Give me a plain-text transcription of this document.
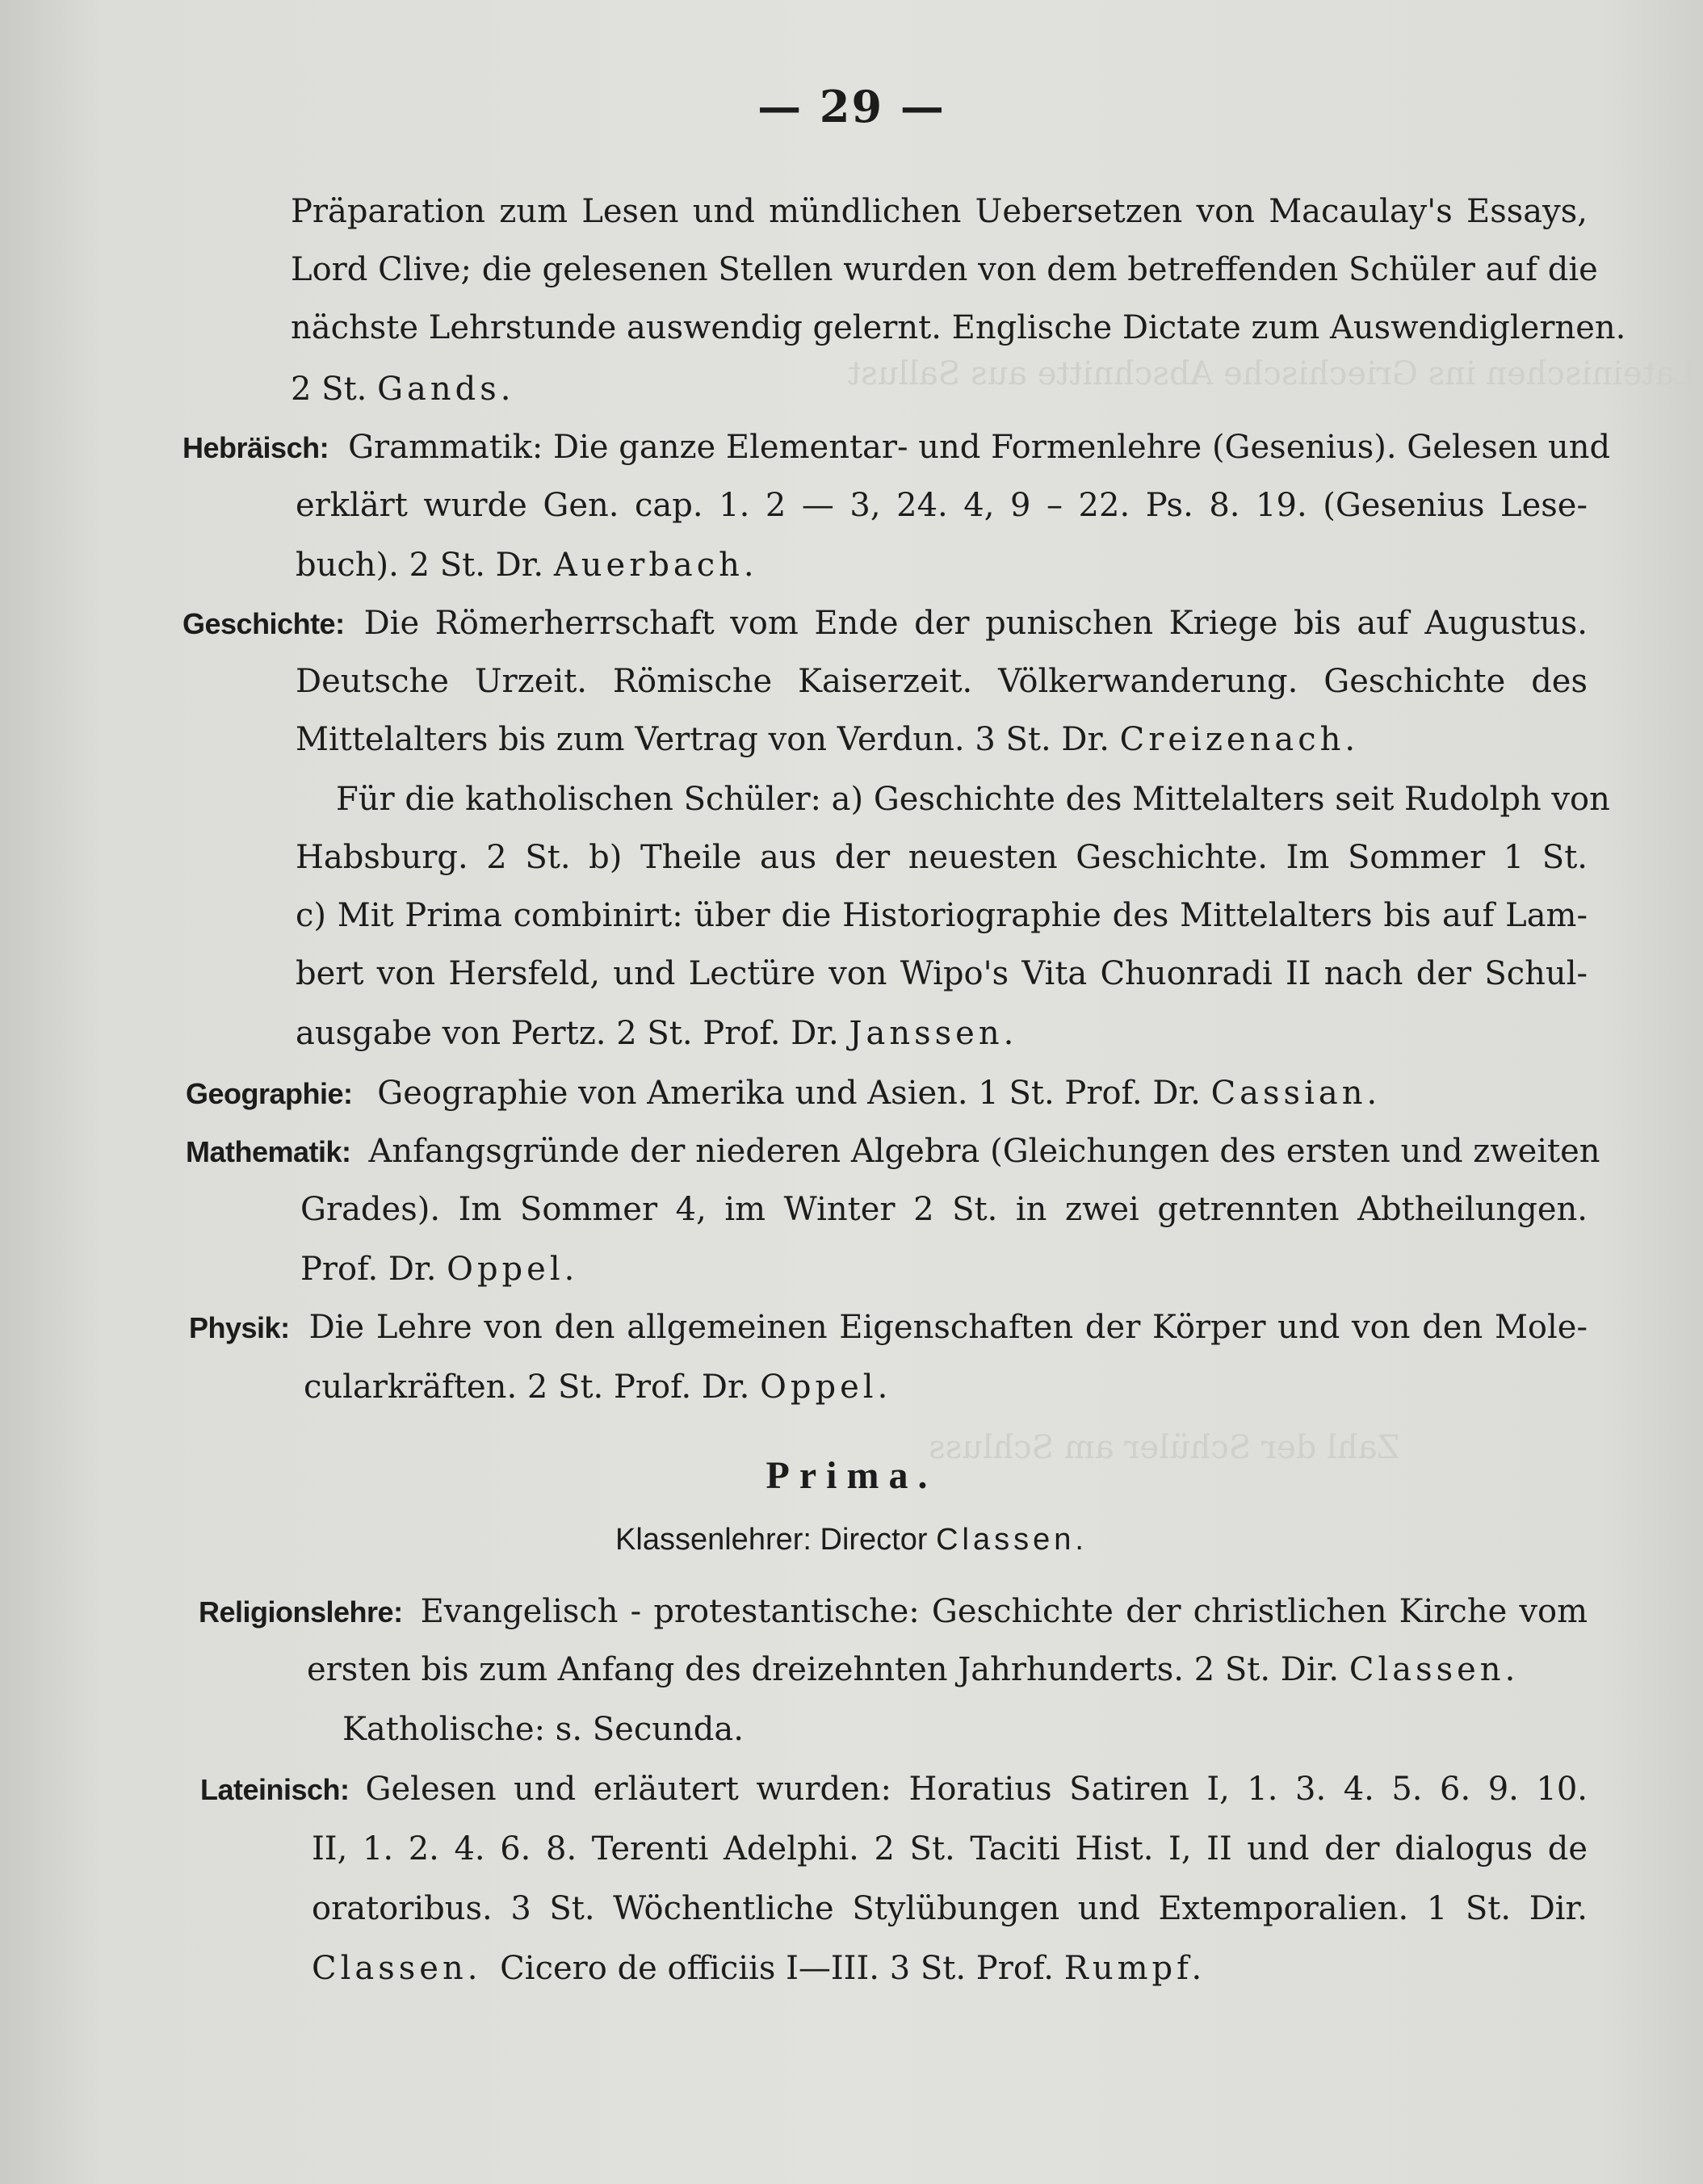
Lateinischen ins Griechische Abschnitte aus Sallust
Zahl der Schüler am Schluss
— 29 —
Präparation zum Lesen und mündlichen Uebersetzen von Macaulay's Essays,
Lord Clive; die gelesenen Stellen wurden von dem betreffenden Schüler auf die
nächste Lehrstunde auswendig gelernt. Englische Dictate zum Auswendiglernen.
2 St. Gands.
Hebräisch: Grammatik: Die ganze Elementar- und Formenlehre (Gesenius). Gelesen und
erklärt wurde Gen. cap. 1. 2 — 3, 24. 4, 9 – 22. Ps. 8. 19. (Gesenius Lese-
buch). 2 St. Dr. Auerbach.
Geschichte: Die Römerherrschaft vom Ende der punischen Kriege bis auf Augustus.
Deutsche Urzeit. Römische Kaiserzeit. Völkerwanderung. Geschichte des
Mittelalters bis zum Vertrag von Verdun. 3 St. Dr. Creizenach.
Für die katholischen Schüler: a) Geschichte des Mittelalters seit Rudolph von
Habsburg. 2 St. b) Theile aus der neuesten Geschichte. Im Sommer 1 St.
c) Mit Prima combinirt: über die Historiographie des Mittelalters bis auf Lam-
bert von Hersfeld, und Lectüre von Wipo's Vita Chuonradi II nach der Schul-
ausgabe von Pertz. 2 St. Prof. Dr. Janssen.
Geographie: Geographie von Amerika und Asien. 1 St. Prof. Dr. Cassian.
Mathematik: Anfangsgründe der niederen Algebra (Gleichungen des ersten und zweiten
Grades). Im Sommer 4, im Winter 2 St. in zwei getrennten Abtheilungen.
Prof. Dr. Oppel.
Physik: Die Lehre von den allgemeinen Eigenschaften der Körper und von den Mole-
cularkräften. 2 St. Prof. Dr. Oppel.
Prima.
Klassenlehrer: Director Classen.
Religionslehre: Evangelisch - protestantische: Geschichte der christlichen Kirche vom
ersten bis zum Anfang des dreizehnten Jahrhunderts. 2 St. Dir. Classen.
Katholische: s. Secunda.
Lateinisch: Gelesen und erläutert wurden: Horatius Satiren I, 1. 3. 4. 5. 6. 9. 10.
II, 1. 2. 4. 6. 8. Terenti Adelphi. 2 St. Taciti Hist. I, II und der dialogus de
oratoribus. 3 St. Wöchentliche Stylübungen und Extemporalien. 1 St. Dir.
Classen. Cicero de officiis I—III. 3 St. Prof. Rumpf.
